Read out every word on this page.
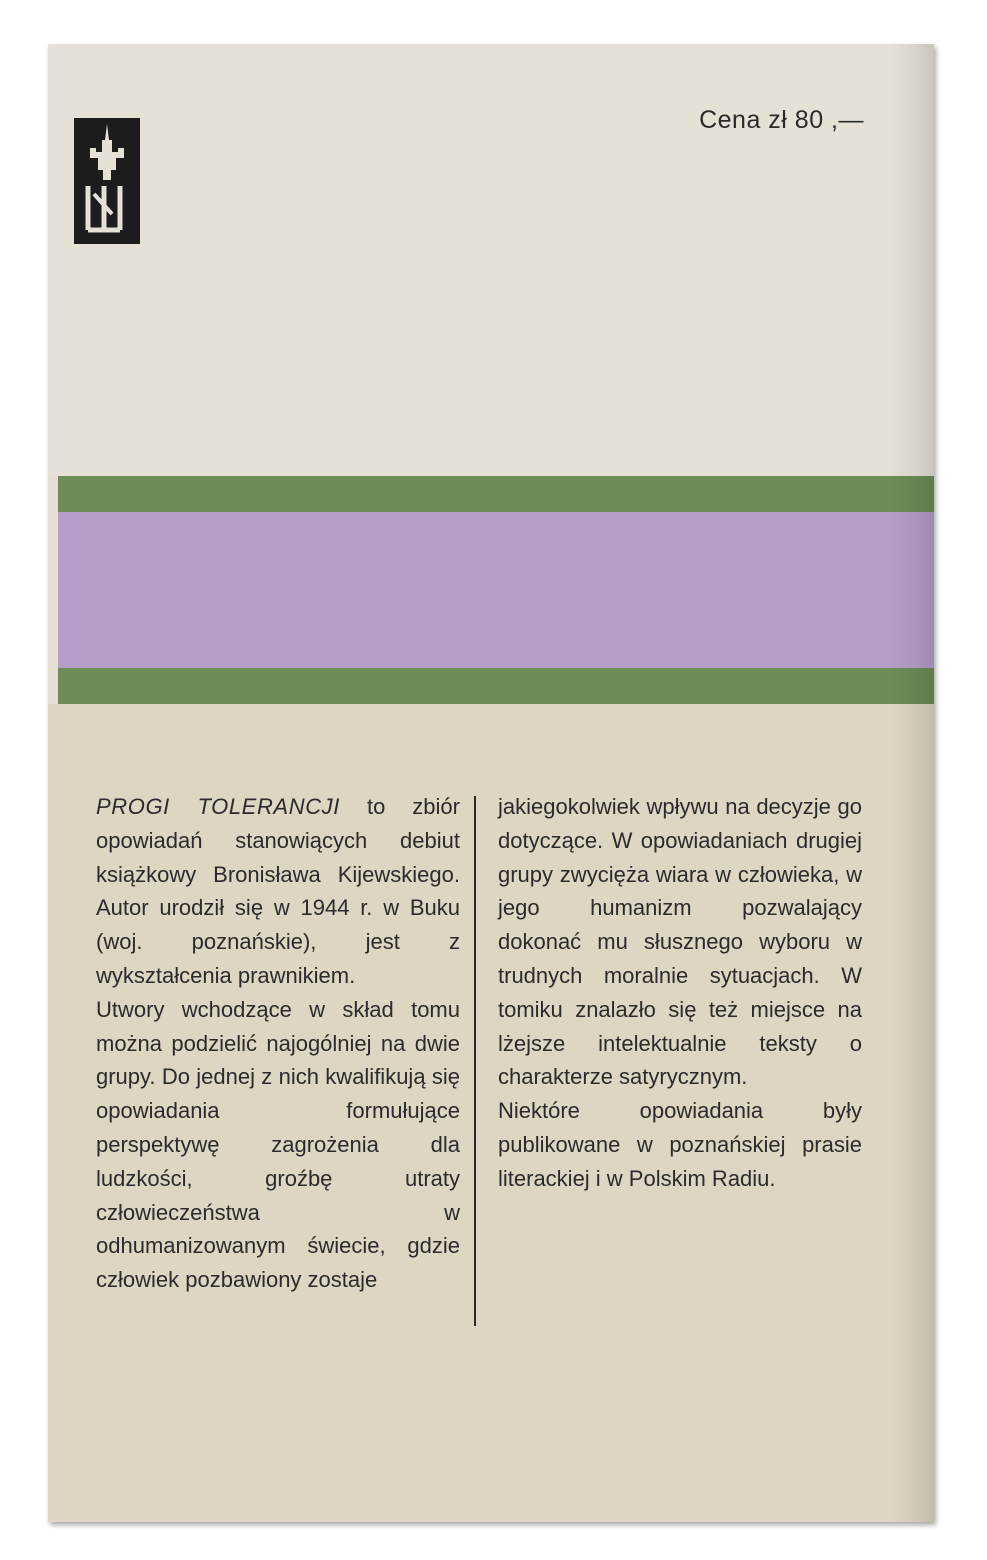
Cena zł 80 ,—

PROGI TOLERANCJI to zbiór opowiadań stanowiących debiut książkowy Bronisława Kijewskiego. Autor urodził się w 1944 r. w Buku (woj. poznańskie), jest z wykształcenia prawnikiem.

Utwory wchodzące w skład tomu można podzielić najogólniej na dwie grupy. Do jednej z nich kwalifikują się opowiadania formułujące perspektywę zagrożenia dla ludzkości, groźbę utraty człowieczeństwa w odhumanizowanym świecie, gdzie człowiek pozbawiony zostaje

jakiegokolwiek wpływu na decyzje go dotyczące. W opowiadaniach drugiej grupy zwycięża wiara w człowieka, w jego humanizm pozwalający dokonać mu słusznego wyboru w trudnych moralnie sytuacjach. W tomiku znalazło się też miejsce na lżejsze intelektualnie teksty o charakterze satyrycznym.

Niektóre opowiadania były publikowane w poznańskiej prasie literackiej i w Polskim Radiu.
